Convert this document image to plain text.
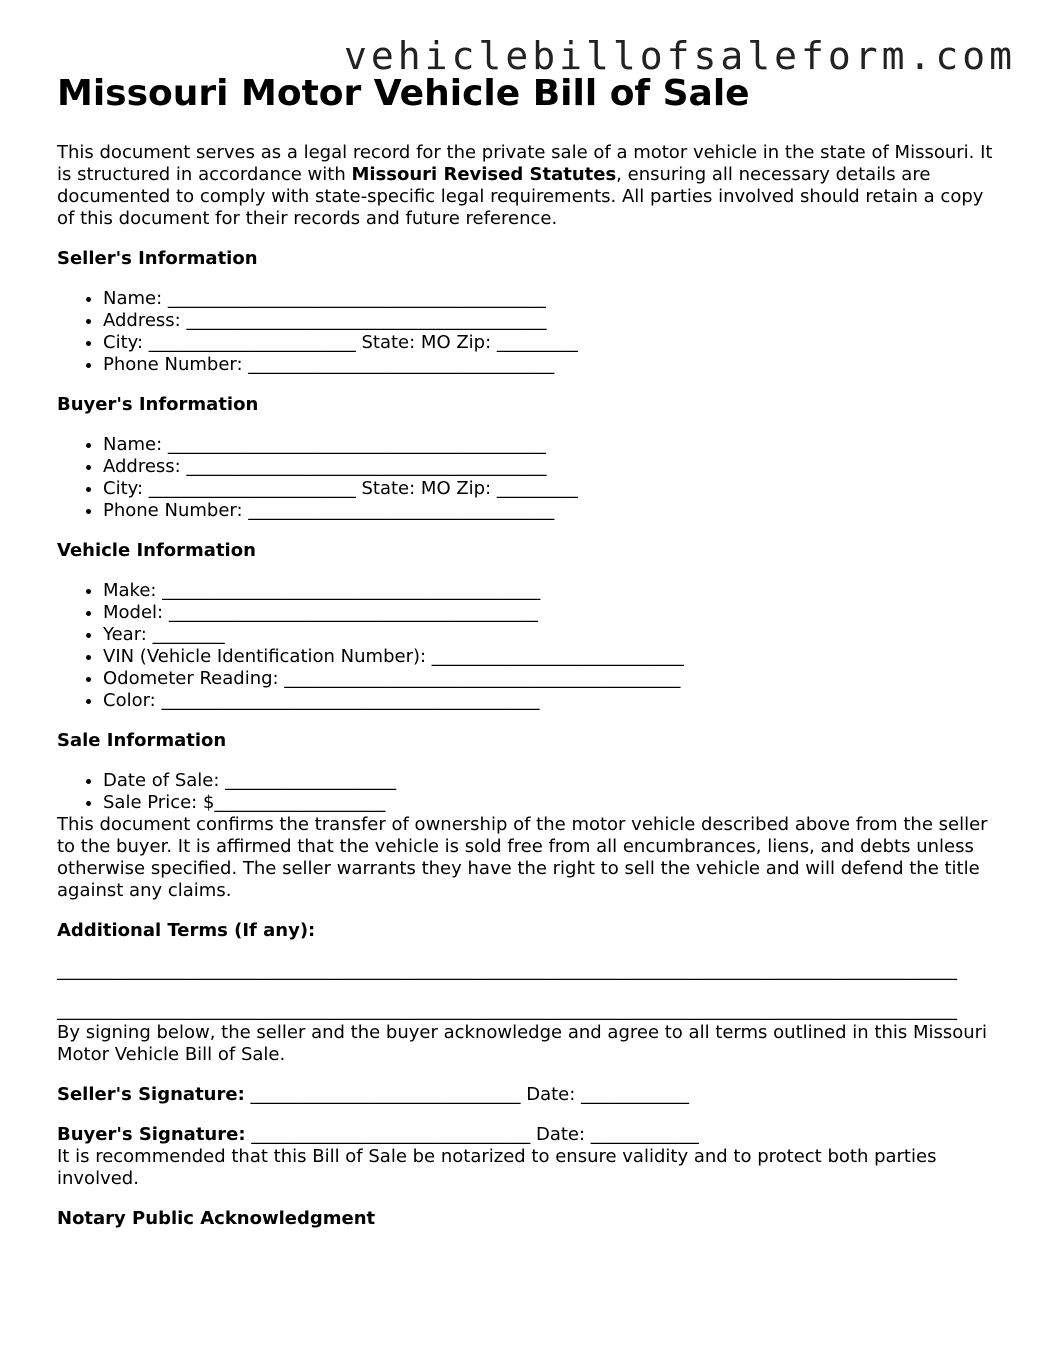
vehiclebillofsaleform.com
Missouri Motor Vehicle Bill of Sale

This document serves as a legal record for the private sale of a motor vehicle in the state of Missouri. It is structured in accordance with Missouri Revised Statutes, ensuring all necessary details are documented to comply with state-specific legal requirements. All parties involved should retain a copy of this document for their records and future reference.

Seller's Information
• Name: __________________________________________
• Address: ________________________________________
• City: _______________________ State: MO Zip: _________
• Phone Number: __________________________________
Buyer's Information
• Name: __________________________________________
• Address: ________________________________________
• City: _______________________ State: MO Zip: _________
• Phone Number: __________________________________
Vehicle Information
• Make: __________________________________________
• Model: _________________________________________
• Year: ________
• VIN (Vehicle Identification Number): ____________________________
• Odometer Reading: ____________________________________________
• Color: __________________________________________
Sale Information
• Date of Sale: ___________________
• Sale Price: $___________________

This document confirms the transfer of ownership of the motor vehicle described above from the seller to the buyer. It is affirmed that the vehicle is sold free from all encumbrances, liens, and debts unless otherwise specified. The seller warrants they have the right to sell the vehicle and will defend the title against any claims.

Additional Terms (If any):
____________________________________________________________________________________________________
____________________________________________________________________________________________________

By signing below, the seller and the buyer acknowledge and agree to all terms outlined in this Missouri Motor Vehicle Bill of Sale.

Seller's Signature: ______________________________ Date: ____________
Buyer's Signature: _______________________________ Date: ____________

It is recommended that this Bill of Sale be notarized to ensure validity and to protect both parties involved.

Notary Public Acknowledgment
